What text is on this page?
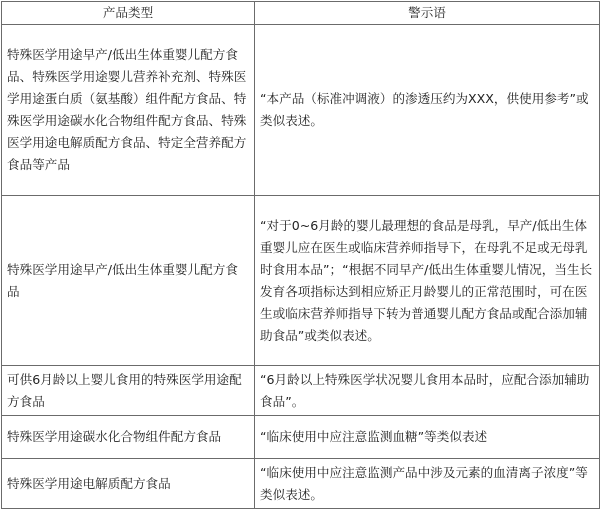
产品类型	警示语
特殊医学用途早产/低出生体重婴儿配方食品、特殊医学用途婴儿营养补充剂、特殊医学用途蛋白质（氨基酸）组件配方食品、特殊医学用途碳水化合物组件配方食品、特殊医学用途电解质配方食品、特定全营养配方食品等产品	“本产品（标准冲调液）的渗透压约为XXX，供使用参考”或类似表述。
特殊医学用途早产/低出生体重婴儿配方食品	“对于0~6月龄的婴儿最理想的食品是母乳，早产/低出生体重婴儿应在医生或临床营养师指导下，在母乳不足或无母乳时食用本品”；“根据不同早产/低出生体重婴儿情况，当生长发育各项指标达到相应矫正月龄婴儿的正常范围时，可在医生或临床营养师指导下转为普通婴儿配方食品或配合添加辅助食品”或类似表述。
可供6月龄以上婴儿食用的特殊医学用途配方食品	“6月龄以上特殊医学状况婴儿食用本品时，应配合添加辅助食品”。
特殊医学用途碳水化合物组件配方食品	“临床使用中应注意监测血糖”等类似表述
特殊医学用途电解质配方食品	“临床使用中应注意监测产品中涉及元素的血清离子浓度”等类似表述。
